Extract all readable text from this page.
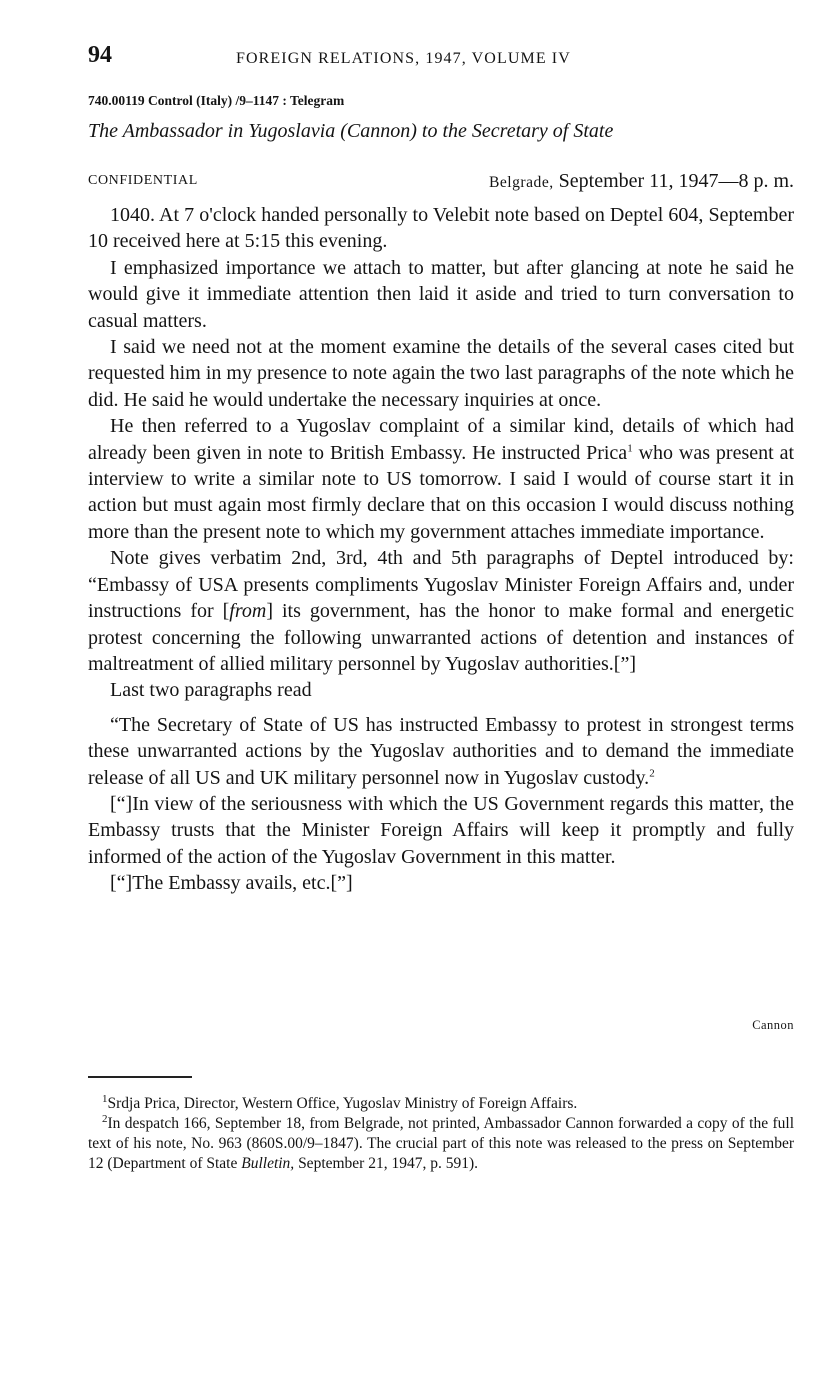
94	FOREIGN RELATIONS, 1947, VOLUME IV
740.00119 Control (Italy) /9–1147 : Telegram
The Ambassador in Yugoslavia (Cannon) to the Secretary of State
CONFIDENTIAL	Belgrade, September 11, 1947—8 p. m.

1040. At 7 o'clock handed personally to Velebit note based on Deptel 604, September 10 received here at 5:15 this evening.

I emphasized importance we attach to matter, but after glancing at note he said he would give it immediate attention then laid it aside and tried to turn conversation to casual matters.

I said we need not at the moment examine the details of the several cases cited but requested him in my presence to note again the two last paragraphs of the note which he did. He said he would undertake the necessary inquiries at once.

He then referred to a Yugoslav complaint of a similar kind, details of which had already been given in note to British Embassy. He instructed Prica$^1$ who was present at interview to write a similar note to US tomorrow. I said I would of course start it in action but must again most firmly declare that on this occasion I would discuss nothing more than the present note to which my government attaches immediate importance.

Note gives verbatim 2nd, 3rd, 4th and 5th paragraphs of Deptel introduced by: “Embassy of USA presents compliments Yugoslav Minister Foreign Affairs and, under instructions for [from] its government, has the honor to make formal and energetic protest concerning the following unwarranted actions of detention and instances of maltreatment of allied military personnel by Yugoslav authorities.[”]

Last two paragraphs read

“The Secretary of State of US has instructed Embassy to protest in strongest terms these unwarranted actions by the Yugoslav authorities and to demand the immediate release of all US and UK military personnel now in Yugoslav custody.$^2$

[“]In view of the seriousness with which the US Government regards this matter, the Embassy trusts that the Minister Foreign Affairs will keep it promptly and fully informed of the action of the Yugoslav Government in this matter.

[“]The Embassy avails, etc.[”]

Cannon

$^1$Srdja Prica, Director, Western Office, Yugoslav Ministry of Foreign Affairs.

$^2$In despatch 166, September 18, from Belgrade, not printed, Ambassador Cannon forwarded a copy of the full text of his note, No. 963 (860S.00/9–1847). The crucial part of this note was released to the press on September 12 (Department of State Bulletin, September 21, 1947, p. 591).
